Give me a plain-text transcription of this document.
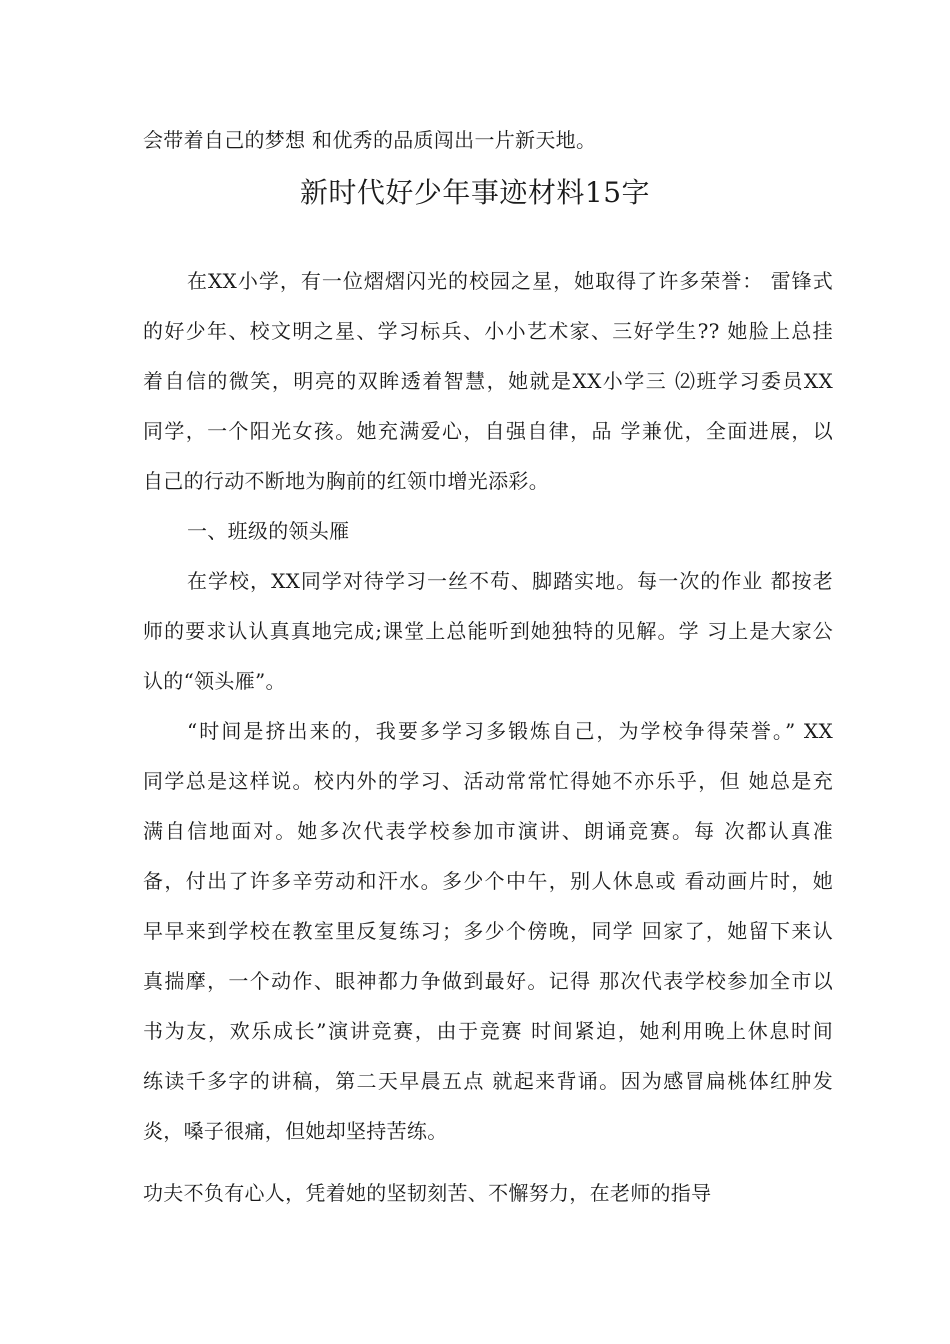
会带着自己的梦想 和优秀的品质闯出一片新天地。
新时代好少年事迹材料15字
在XX小学，有一位熠熠闪光的校园之星，她取得了许多荣誉： 雷锋式
的好少年、校文明之星、学习标兵、小小艺术家、三好学生?? 她脸上总挂
着自信的微笑，明亮的双眸透着智慧，她就是XX小学三 ⑵班学习委员XX
同学，一个阳光女孩。她充满爱心，自强自律，品 学兼优，全面进展，以
自己的行动不断地为胸前的红领巾增光添彩。
一、班级的领头雁
在学校，XX同学对待学习一丝不苟、脚踏实地。每一次的作业 都按老
师的要求认认真真地完成;课堂上总能听到她独特的见解。学 习上是大家公
认的“领头雁”。
“时间是挤出来的，我要多学习多锻炼自己，为学校争得荣誉。” XX
同学总是这样说。校内外的学习、活动常常忙得她不亦乐乎，但 她总是充
满自信地面对。她多次代表学校参加市演讲、朗诵竞赛。每 次都认真准
备，付出了许多辛劳动和汗水。多少个中午，别人休息或 看动画片时，她
早早来到学校在教室里反复练习；多少个傍晚，同学 回家了，她留下来认
真揣摩，一个动作、眼神都力争做到最好。记得 那次代表学校参加全市以
书为友，欢乐成长”演讲竞赛，由于竞赛 时间紧迫，她利用晚上休息时间
练读千多字的讲稿，第二天早晨五点 就起来背诵。因为感冒扁桃体红肿发
炎，嗓子很痛，但她却坚持苦练。
功夫不负有心人，凭着她的坚韧刻苦、不懈努力，在老师的指导
